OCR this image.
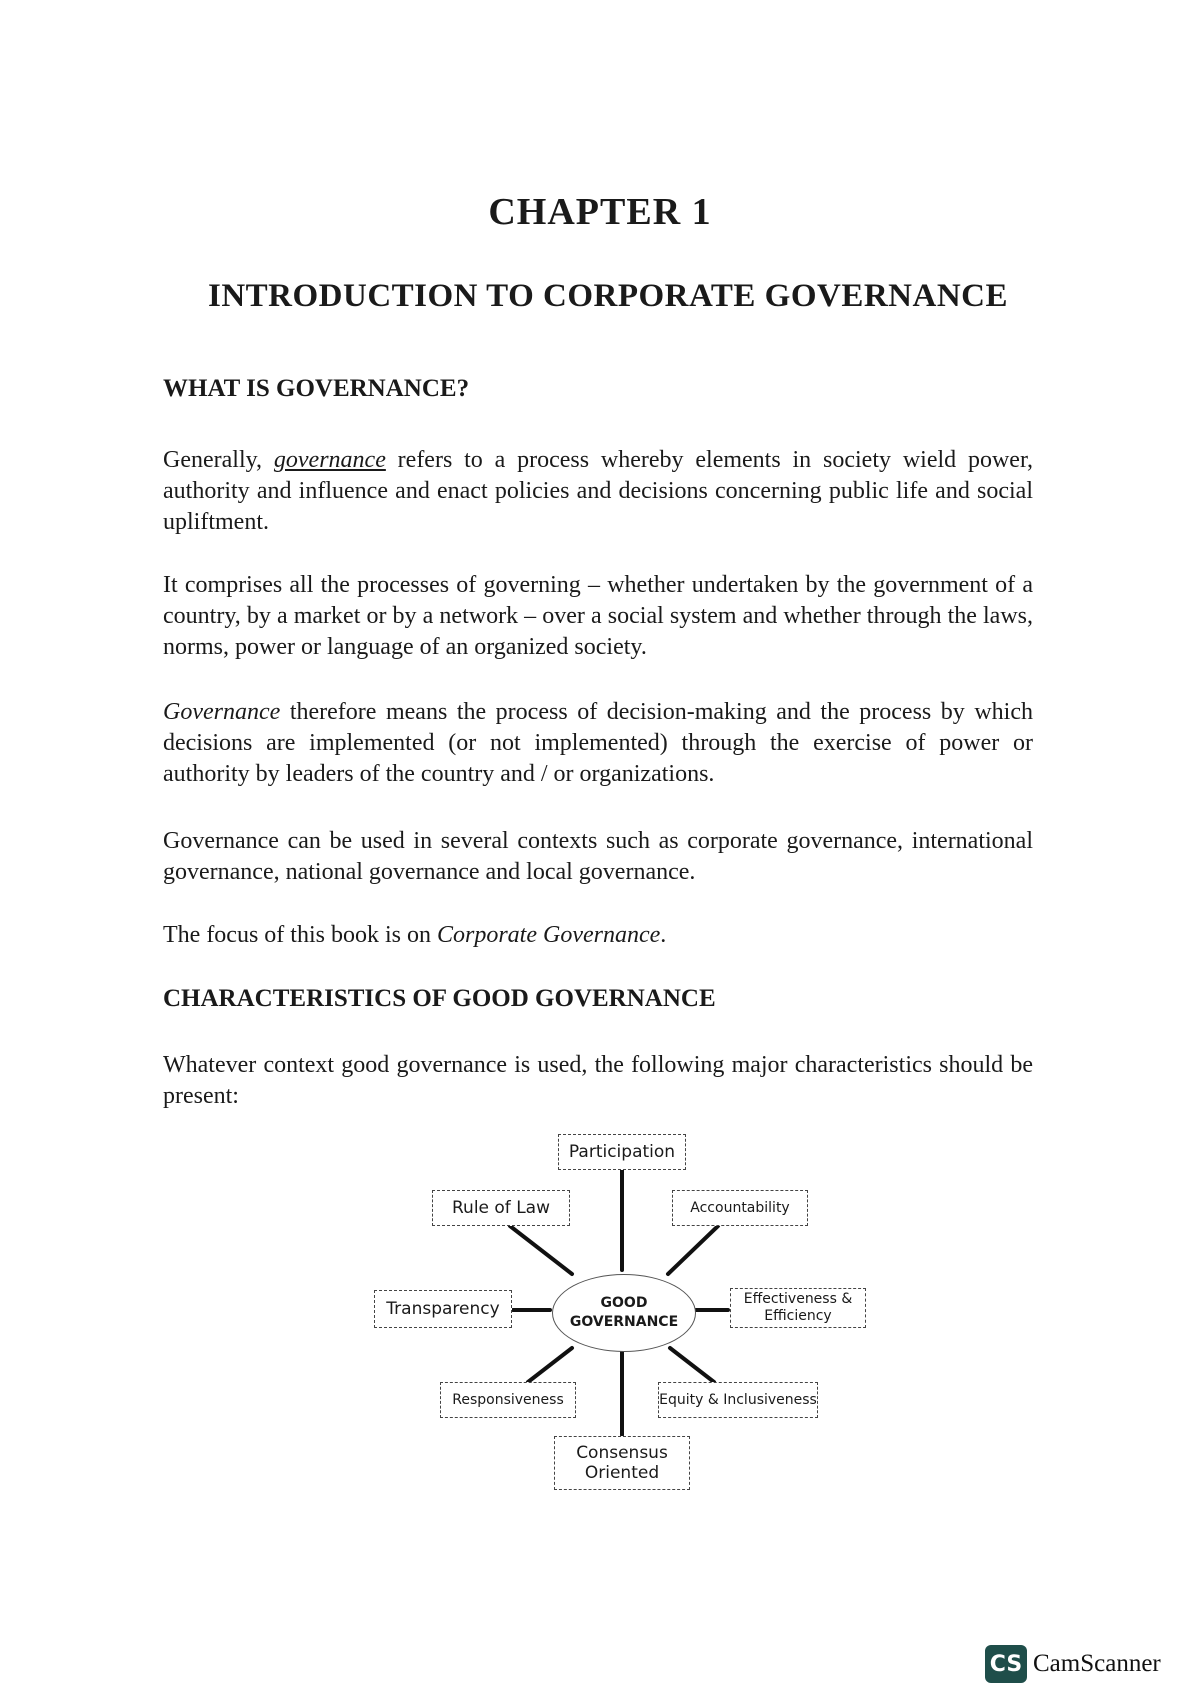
CHAPTER 1
INTRODUCTION TO CORPORATE GOVERNANCE
WHAT IS GOVERNANCE?
Generally, governance refers to a process whereby elements in society wield power, authority and influence and enact policies and decisions concerning public life and social upliftment.
It comprises all the processes of governing – whether undertaken by the government of a country, by a market or by a network – over a social system and whether through the laws, norms, power or language of an organized society.
Governance therefore means the process of decision-making and the process by which decisions are implemented (or not implemented) through the exercise of power or authority by leaders of the country and / or organizations.
Governance can be used in several contexts such as corporate governance, international governance, national governance and local governance.
The focus of this book is on Corporate Governance.
CHARACTERISTICS OF GOOD GOVERNANCE
Whatever context good governance is used, the following major characteristics should be present:
GOOD
GOVERNANCE
Participation
Rule of Law	Accountability
Transparency	Effectiveness &
Efficiency
Responsiveness	Equity & Inclusiveness
Consensus
Oriented
CS CamScanner
